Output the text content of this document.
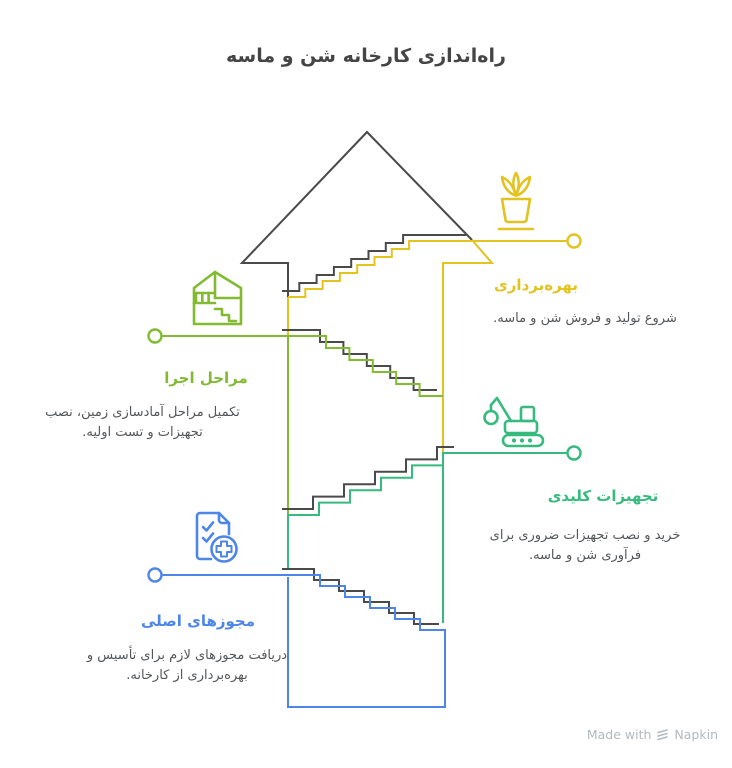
راه‌اندازی کارخانه شن و ماسه
بهره‌برداری
شروع تولید و فروش شن و ماسه.
مراحل اجرا
تکمیل مراحل آمادسازی زمین، نصب تجهیزات و تست اولیه.
تجهیزات کلیدی
خرید و نصب تجهیزات ضروری برای فرآوری شن و ماسه.
مجوزهای اصلی
دریافت مجوزهای لازم برای تأسیس و بهره‌برداری از کارخانه.
Made with Napkin
